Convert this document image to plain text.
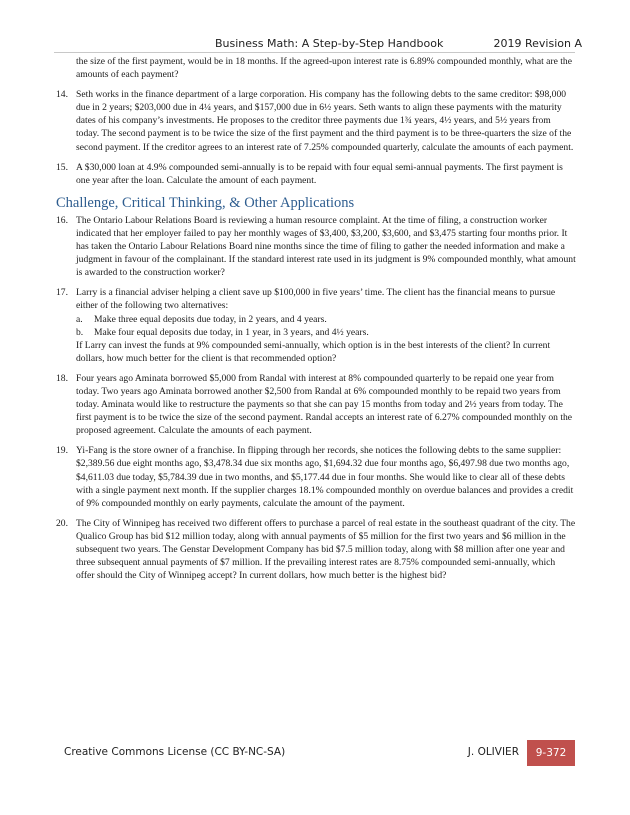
Business Math: A Step-by-Step Handbook	2019 Revision A

the size of the first payment, would be in 18 months. If the agreed-upon interest rate is 6.89% compounded monthly, what are the amounts of each payment?

14. Seth works in the finance department of a large corporation. His company has the following debts to the same creditor: $98,000 due in 2 years; $203,000 due in 4¼ years, and $157,000 due in 6½ years. Seth wants to align these payments with the maturity dates of his company’s investments. He proposes to the creditor three payments due 1¾ years, 4½ years, and 5½ years from today. The second payment is to be twice the size of the first payment and the third payment is to be three-quarters the size of the second payment. If the creditor agrees to an interest rate of 7.25% compounded quarterly, calculate the amounts of each payment.

15. A $30,000 loan at 4.9% compounded semi-annually is to be repaid with four equal semi-annual payments. The first payment is one year after the loan. Calculate the amount of each payment.

Challenge, Critical Thinking, & Other Applications
16. The Ontario Labour Relations Board is reviewing a human resource complaint. At the time of filing, a construction worker indicated that her employer failed to pay her monthly wages of $3,400, $3,200, $3,600, and $3,475 starting four months prior. It has taken the Ontario Labour Relations Board nine months since the time of filing to gather the needed information and make a judgment in favour of the complainant. If the standard interest rate used in its judgment is 9% compounded monthly, what amount is awarded to the construction worker?

17. Larry is a financial adviser helping a client save up $100,000 in five years’ time. The client has the financial means to pursue either of the following two alternatives:

a. Make three equal deposits due today, in 2 years, and 4 years.
b. Make four equal deposits due today, in 1 year, in 3 years, and 4½ years.

If Larry can invest the funds at 9% compounded semi-annually, which option is in the best interests of the client? In current dollars, how much better for the client is that recommended option?

18. Four years ago Aminata borrowed $5,000 from Randal with interest at 8% compounded quarterly to be repaid one year from today. Two years ago Aminata borrowed another $2,500 from Randal at 6% compounded monthly to be repaid two years from today. Aminata would like to restructure the payments so that she can pay 15 months from today and 2½ years from today. The first payment is to be twice the size of the second payment. Randal accepts an interest rate of 6.27% compounded monthly on the proposed agreement. Calculate the amounts of each payment.

19. Yi-Fang is the store owner of a franchise. In flipping through her records, she notices the following debts to the same supplier: $2,389.56 due eight months ago, $3,478.34 due six months ago, $1,694.32 due four months ago, $6,497.98 due two months ago, $4,611.03 due today, $5,784.39 due in two months, and $5,177.44 due in four months. She would like to clear all of these debts with a single payment next month. If the supplier charges 18.1% compounded monthly on overdue balances and provides a credit of 9% compounded monthly on early payments, calculate the amount of the payment.

20. The City of Winnipeg has received two different offers to purchase a parcel of real estate in the southeast quadrant of the city. The Qualico Group has bid $12 million today, along with annual payments of $5 million for the first two years and $6 million in the subsequent two years. The Genstar Development Company has bid $7.5 million today, along with $8 million after one year and three subsequent annual payments of $7 million. If the prevailing interest rates are 8.75% compounded semi-annually, which offer should the City of Winnipeg accept? In current dollars, how much better is the highest bid?

Creative Commons License (CC BY-NC-SA)	J. OLIVIER	9-372
